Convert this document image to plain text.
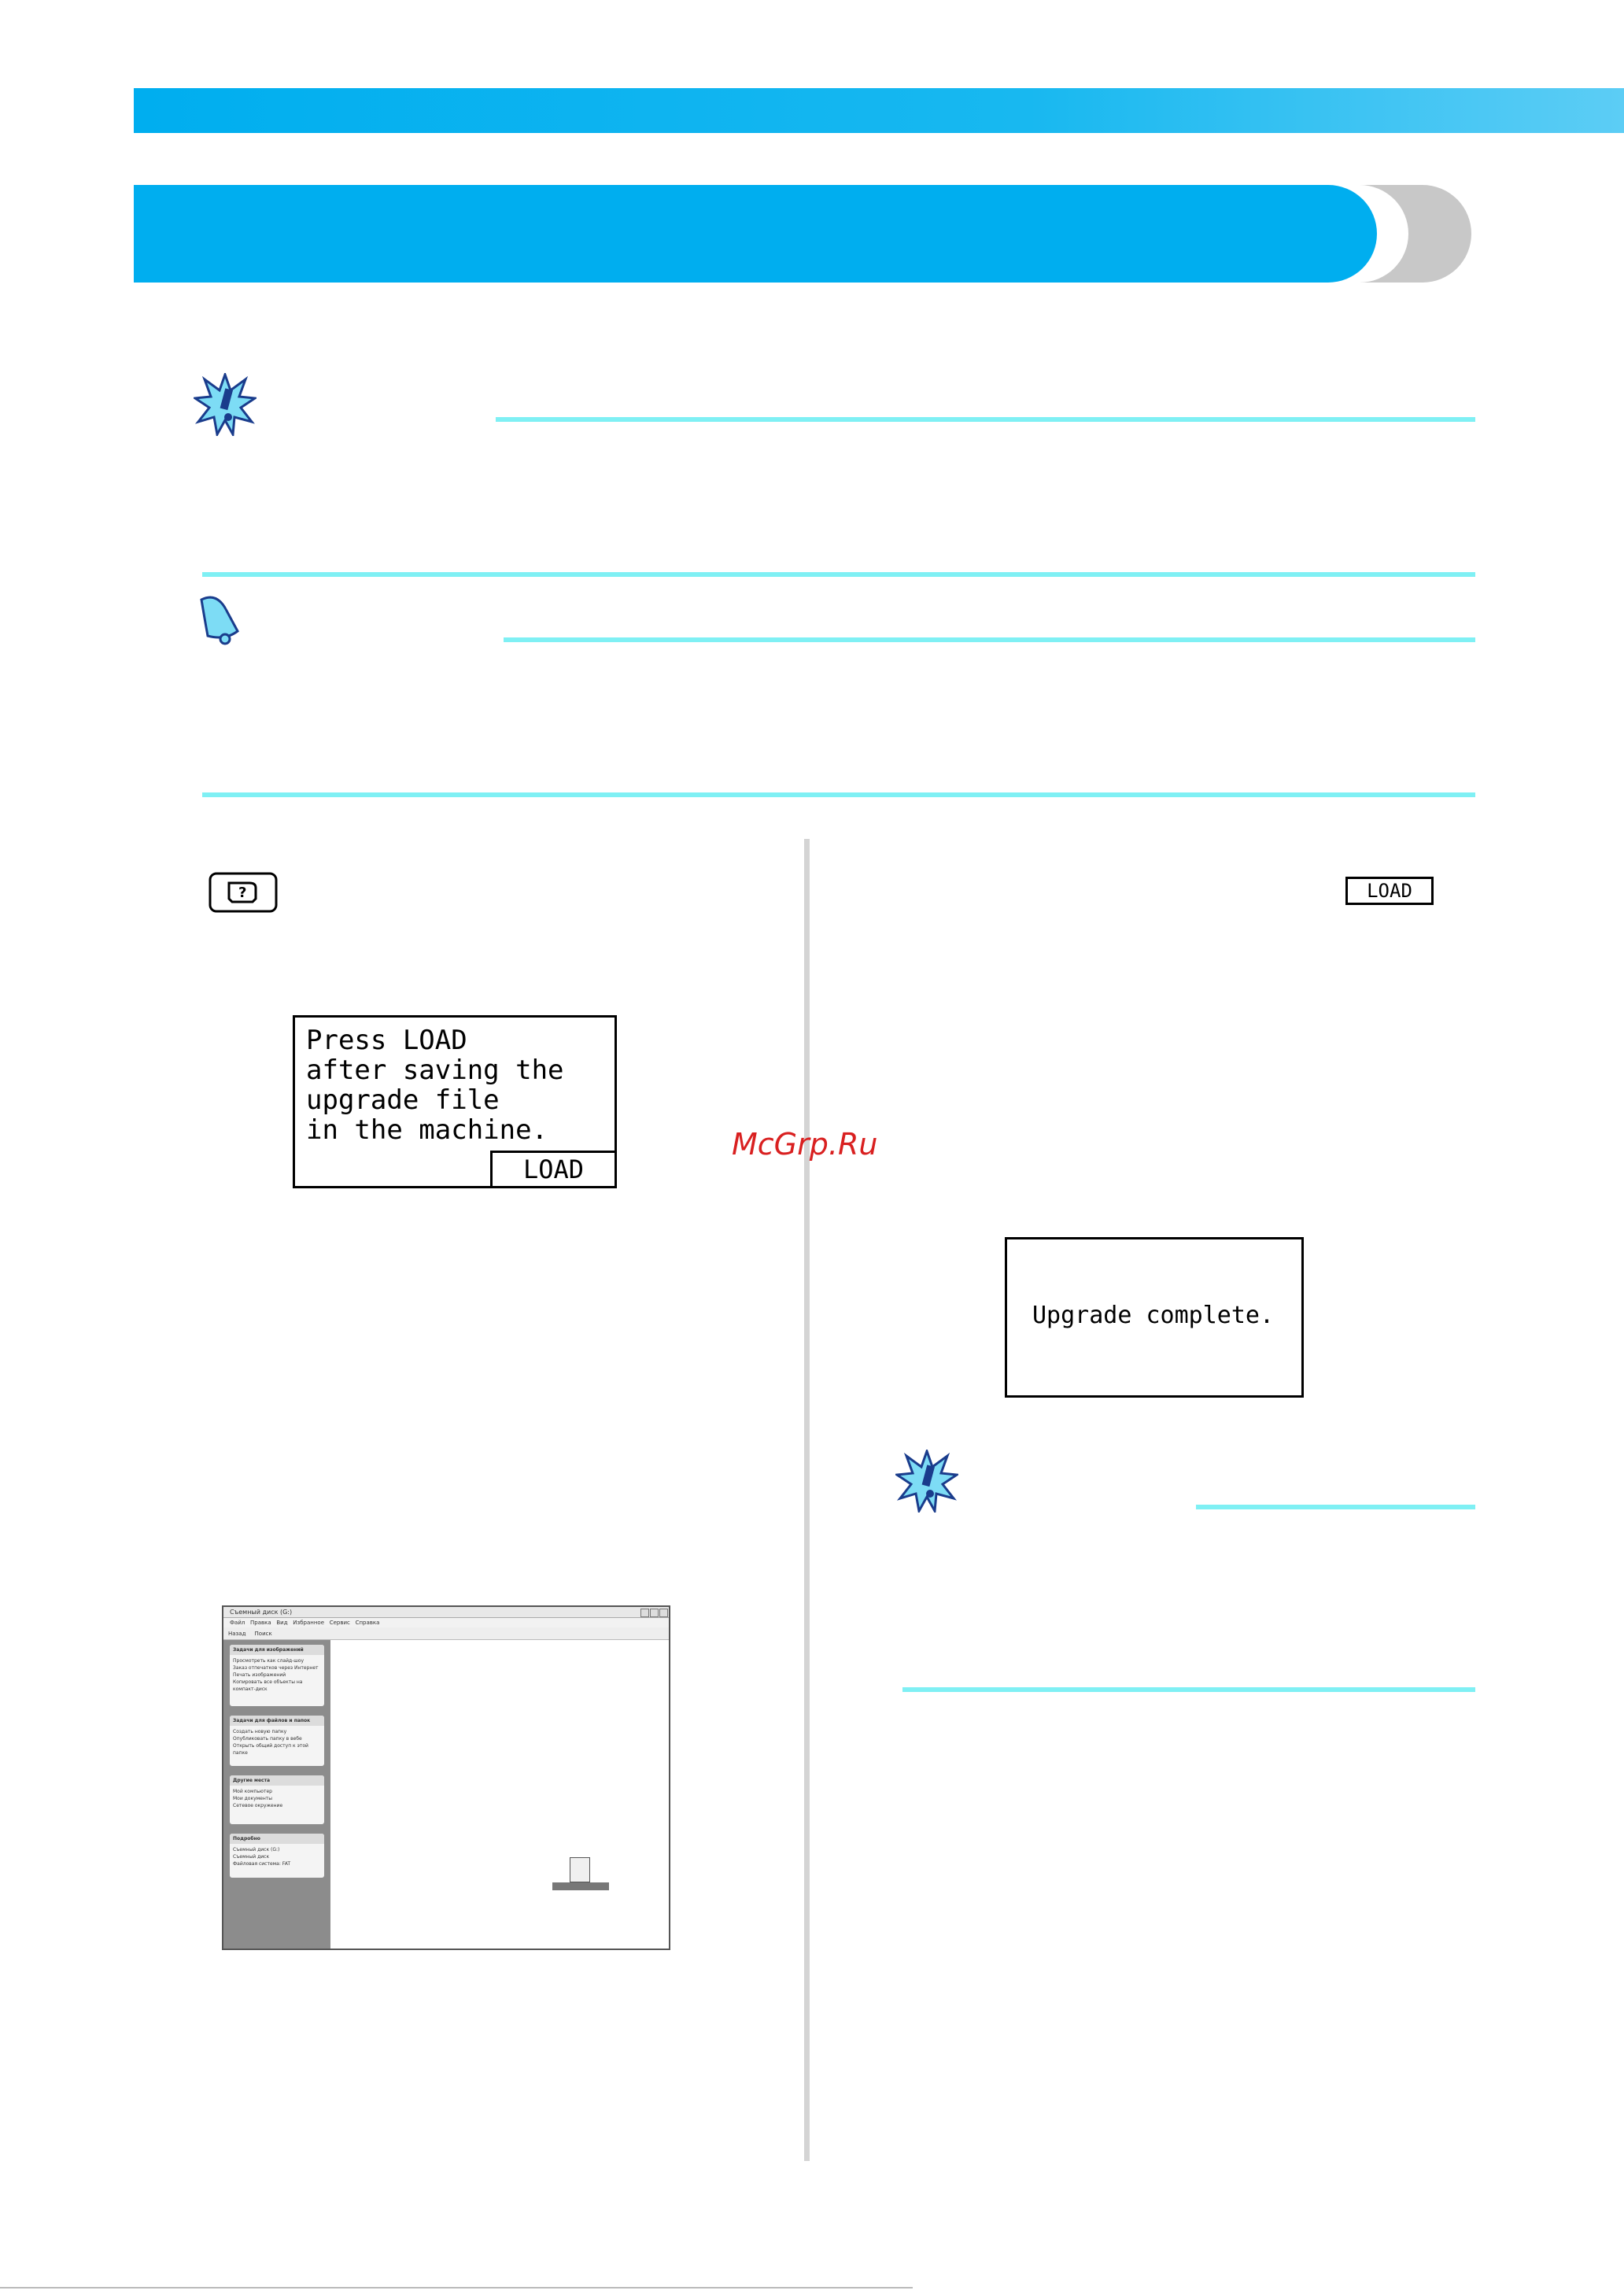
?
Press LOAD
after saving the
upgrade file
in the machine.
LOAD
LOAD
McGrp.Ru
Upgrade complete.
Съемный диск (G:)
Файл Правка Вид Избранное Сервис Справка
Назад Поиск
Задачи для изображений
Просмотреть как слайд-шоу
Заказ отпечатков через Интернет
Печать изображений
Копировать все объекты на компакт-диск
Задачи для файлов и папок
Создать новую папку
Опубликовать папку в вебе
Открыть общий доступ к этой папке
Другие места
Мой компьютер
Мои документы
Сетевое окружение
Подробно
Съемный диск (G:)
Съемный диск
Файловая система: FAT
